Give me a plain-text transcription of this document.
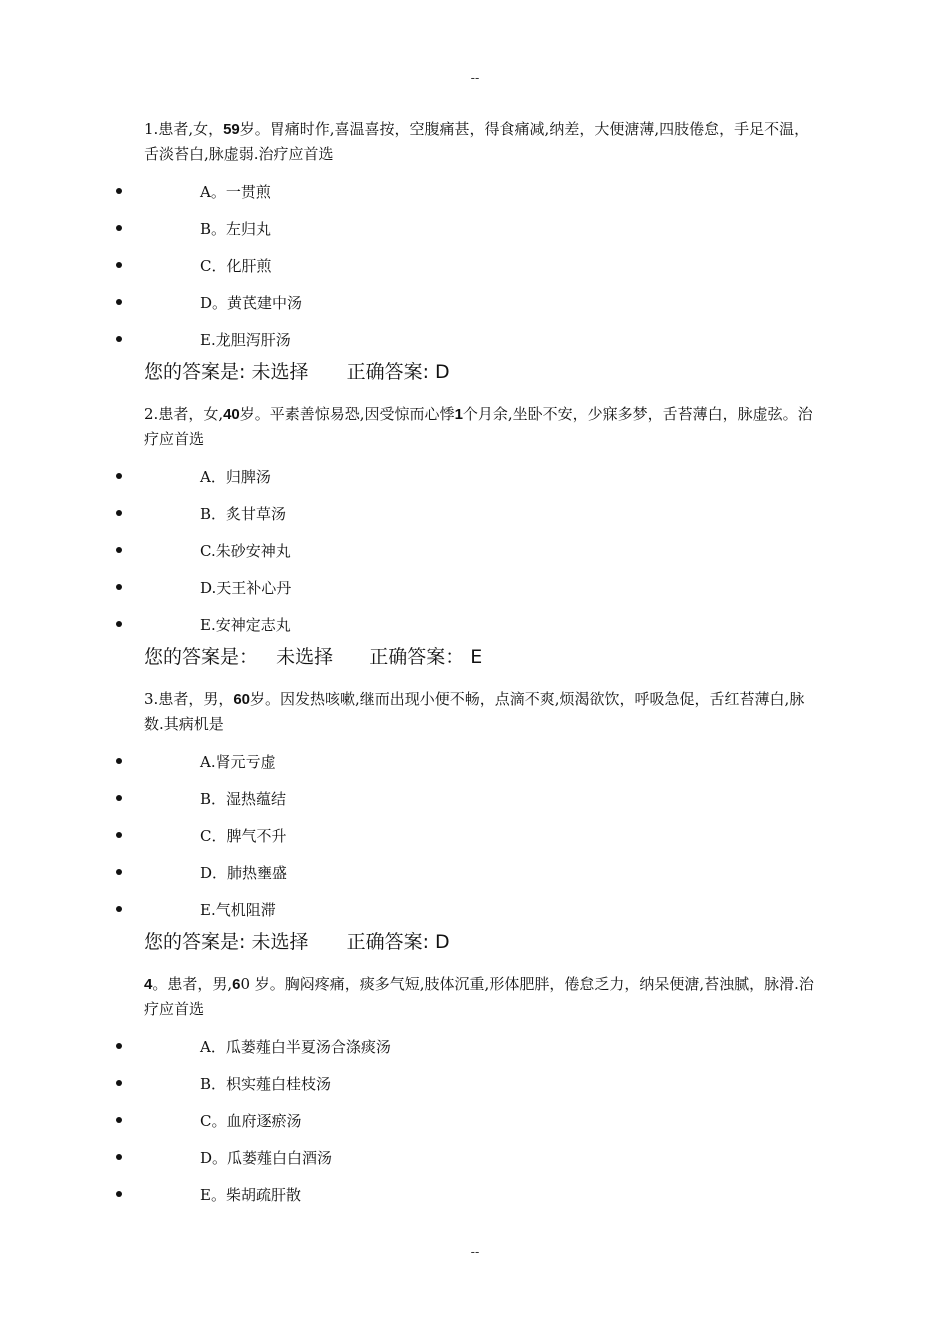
--

1.患者,女，59岁。胃痛时作,喜温喜按，空腹痛甚，得食痛减,纳差，大便溏薄,四肢倦怠，手足不温，舌淡苔白,脉虚弱.治疗应首选

A。一贯煎
B。左归丸
C．化肝煎
D。黄芪建中汤
E.龙胆泻肝汤
您的答案是: 未选择 正确答案: D

2.患者，女,40岁。平素善惊易恐,因受惊而心悸1个月余,坐卧不安，少寐多梦，舌苔薄白，脉虚弦。治疗应首选

A．归脾汤
B．炙甘草汤
C.朱砂安神丸
D.天王补心丹
E.安神定志丸
您的答案是： 未选择 正确答案： E

3.患者，男，60岁。因发热咳嗽,继而出现小便不畅，点滴不爽,烦渴欲饮，呼吸急促，舌红苔薄白,脉数.其病机是

A.肾元亏虚
B．湿热蕴结
C．脾气不升
D．肺热壅盛
E.气机阻滞
您的答案是: 未选择 正确答案: D

4。患者，男,60 岁。胸闷疼痛，痰多气短,肢体沉重,形体肥胖，倦怠乏力，纳呆便溏,苔浊腻，脉滑.治疗应首选

A．瓜蒌薤白半夏汤合涤痰汤
B．枳实薤白桂枝汤
C。血府逐瘀汤
D。瓜蒌薤白白酒汤
E。柴胡疏肝散
--
